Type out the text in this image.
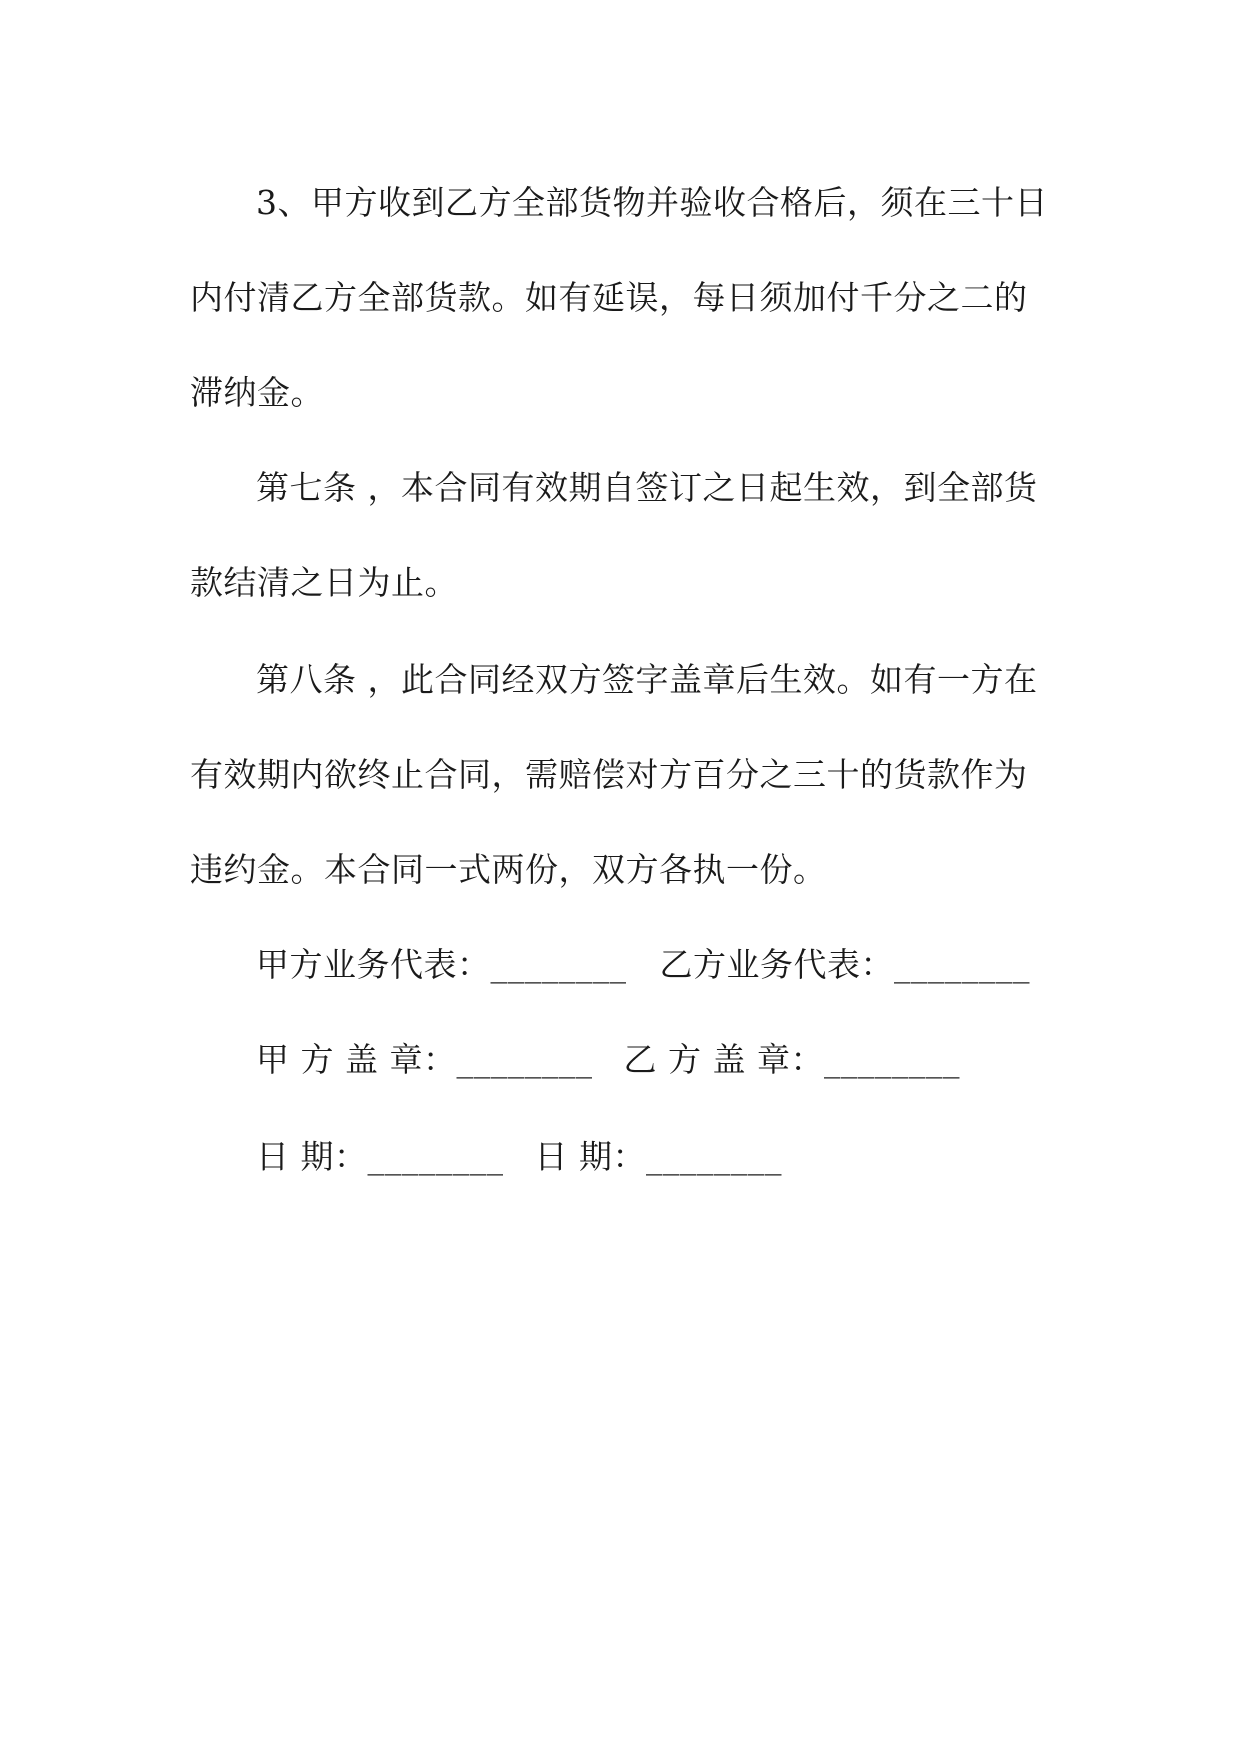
3、甲方收到乙方全部货物并验收合格后，须在三十日
内付清乙方全部货款。如有延误，每日须加付千分之二的
滞纳金。
第七条 ，本合同有效期自签订之日起生效，到全部货
款结清之日为止。
第八条 ，此合同经双方签字盖章后生效。如有一方在
有效期内欲终止合同，需赔偿对方百分之三十的货款作为
违约金。本合同一式两份，双方各执一份。
甲方业务代表：________ 乙方业务代表：________
甲 方 盖 章：________ 乙 方 盖 章：________
日 期：________ 日 期：________
